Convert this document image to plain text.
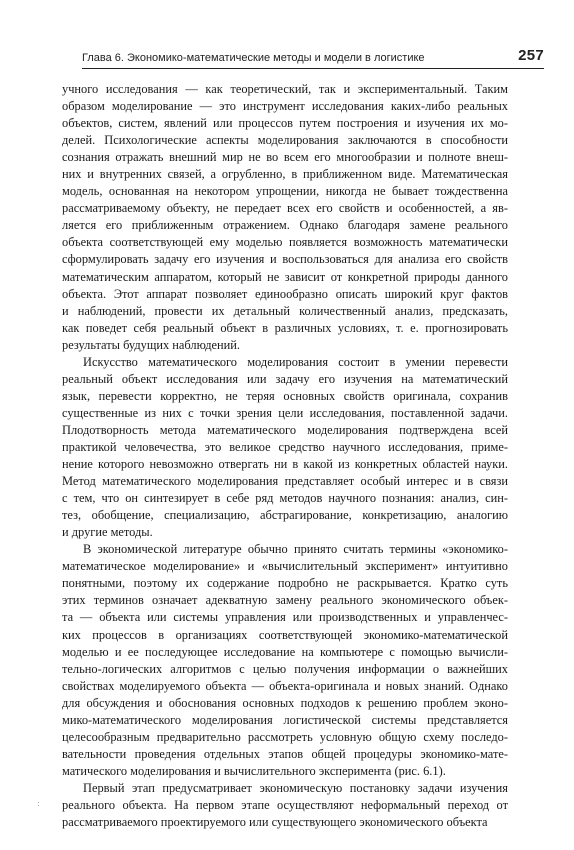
Глава 6. Экономико-математические методы и модели в логистике	257
учного исследования — как теоретический, так и экспериментальный. Таким
образом моделирование — это инструмент исследования каких-либо реальных
объектов, систем, явлений или процессов путем построения и изучения их мо-
делей. Психологические аспекты моделирования заключаются в способности
сознания отражать внешний мир не во всем его многообразии и полноте внеш-
них и внутренних связей, а огрубленно, в приближенном виде. Математическая
модель, основанная на некотором упрощении, никогда не бывает тождественна
рассматриваемому объекту, не передает всех его свойств и особенностей, а яв-
ляется его приближенным отражением. Однако благодаря замене реального
объекта соответствующей ему моделью появляется возможность математически
сформулировать задачу его изучения и воспользоваться для анализа его свойств
математическим аппаратом, который не зависит от конкретной природы данного
объекта. Этот аппарат позволяет единообразно описать широкий круг фактов
и наблюдений, провести их детальный количественный анализ, предсказать,
как поведет себя реальный объект в различных условиях, т. е. прогнозировать
результаты будущих наблюдений.
Искусство математического моделирования состоит в умении перевести
реальный объект исследования или задачу его изучения на математический
язык, перевести корректно, не теряя основных свойств оригинала, сохранив
существенные из них с точки зрения цели исследования, поставленной задачи.
Плодотворность метода математического моделирования подтверждена всей
практикой человечества, это великое средство научного исследования, приме-
нение которого невозможно отвергать ни в какой из конкретных областей науки.
Метод математического моделирования представляет особый интерес и в связи
с тем, что он синтезирует в себе ряд методов научного познания: анализ, син-
тез, обобщение, специализацию, абстрагирование, конкретизацию, аналогию
и другие методы.
В экономической литературе обычно принято считать термины «экономико-
математическое моделирование» и «вычислительный эксперимент» интуитивно
понятными, поэтому их содержание подробно не раскрывается. Кратко суть
этих терминов означает адекватную замену реального экономического объек-
та — объекта или системы управления или производственных и управленчес-
ких процессов в организациях соответствующей экономико-математической
моделью и ее последующее исследование на компьютере с помощью вычисли-
тельно-логических алгоритмов с целью получения информации о важнейших
свойствах моделируемого объекта — объекта-оригинала и новых знаний. Однако
для обсуждения и обоснования основных подходов к решению проблем эконо-
мико-математического моделирования логистической системы представляется
целесообразным предварительно рассмотреть условную общую схему последо-
вательности проведения отдельных этапов общей процедуры экономико-мате-
матического моделирования и вычислительного эксперимента (рис. 6.1).
Первый этап предусматривает экономическую постановку задачи изучения
реального объекта. На первом этапе осуществляют неформальный переход от
рассматриваемого проектируемого или существующего экономического объекта
:
